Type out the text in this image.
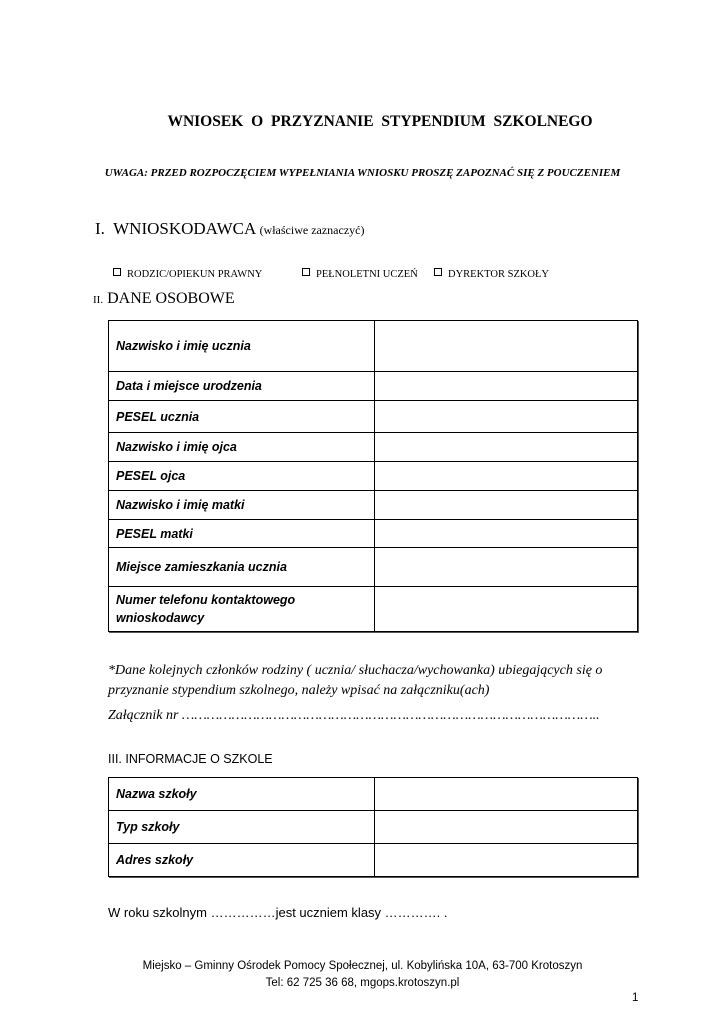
WNIOSEK O PRZYZNANIE STYPENDIUM SZKOLNEGO
UWAGA: PRZED ROZPOCZĘCIEM WYPEŁNIANIA WNIOSKU PROSZĘ ZAPOZNAĆ SIĘ Z POUCZENIEM
I. WNIOSKODAWCA (właściwe zaznaczyć)
RODZIC/OPIEKUN PRAWNY	PEŁNOLETNI UCZEŃ	DYREKTOR SZKOŁY
II. DANE OSOBOWE
Nazwisko i imię ucznia	
Data i miejsce urodzenia	
PESEL ucznia	
Nazwisko i imię ojca	
PESEL ojca	
Nazwisko i imię matki	
PESEL matki	
Miejsce zamieszkania ucznia	
Numer telefonu kontaktowego wnioskodawcy	
*Dane kolejnych członków rodziny ( ucznia/ słuchacza/wychowanka) ubiegających się o przyznanie stypendium szkolnego, należy wpisać na załączniku(ach)
Załącznik nr ………………………………………………………………………………………..
III. INFORMACJE O SZKOLE
Nazwa szkoły	
Typ szkoły	
Adres szkoły	
W roku szkolnym ……………jest uczniem klasy …………. .
Miejsko – Gminny Ośrodek Pomocy Społecznej, ul. Kobylińska 10A, 63-700 Krotoszyn
Tel: 62 725 36 68, mgops.krotoszyn.pl
1
